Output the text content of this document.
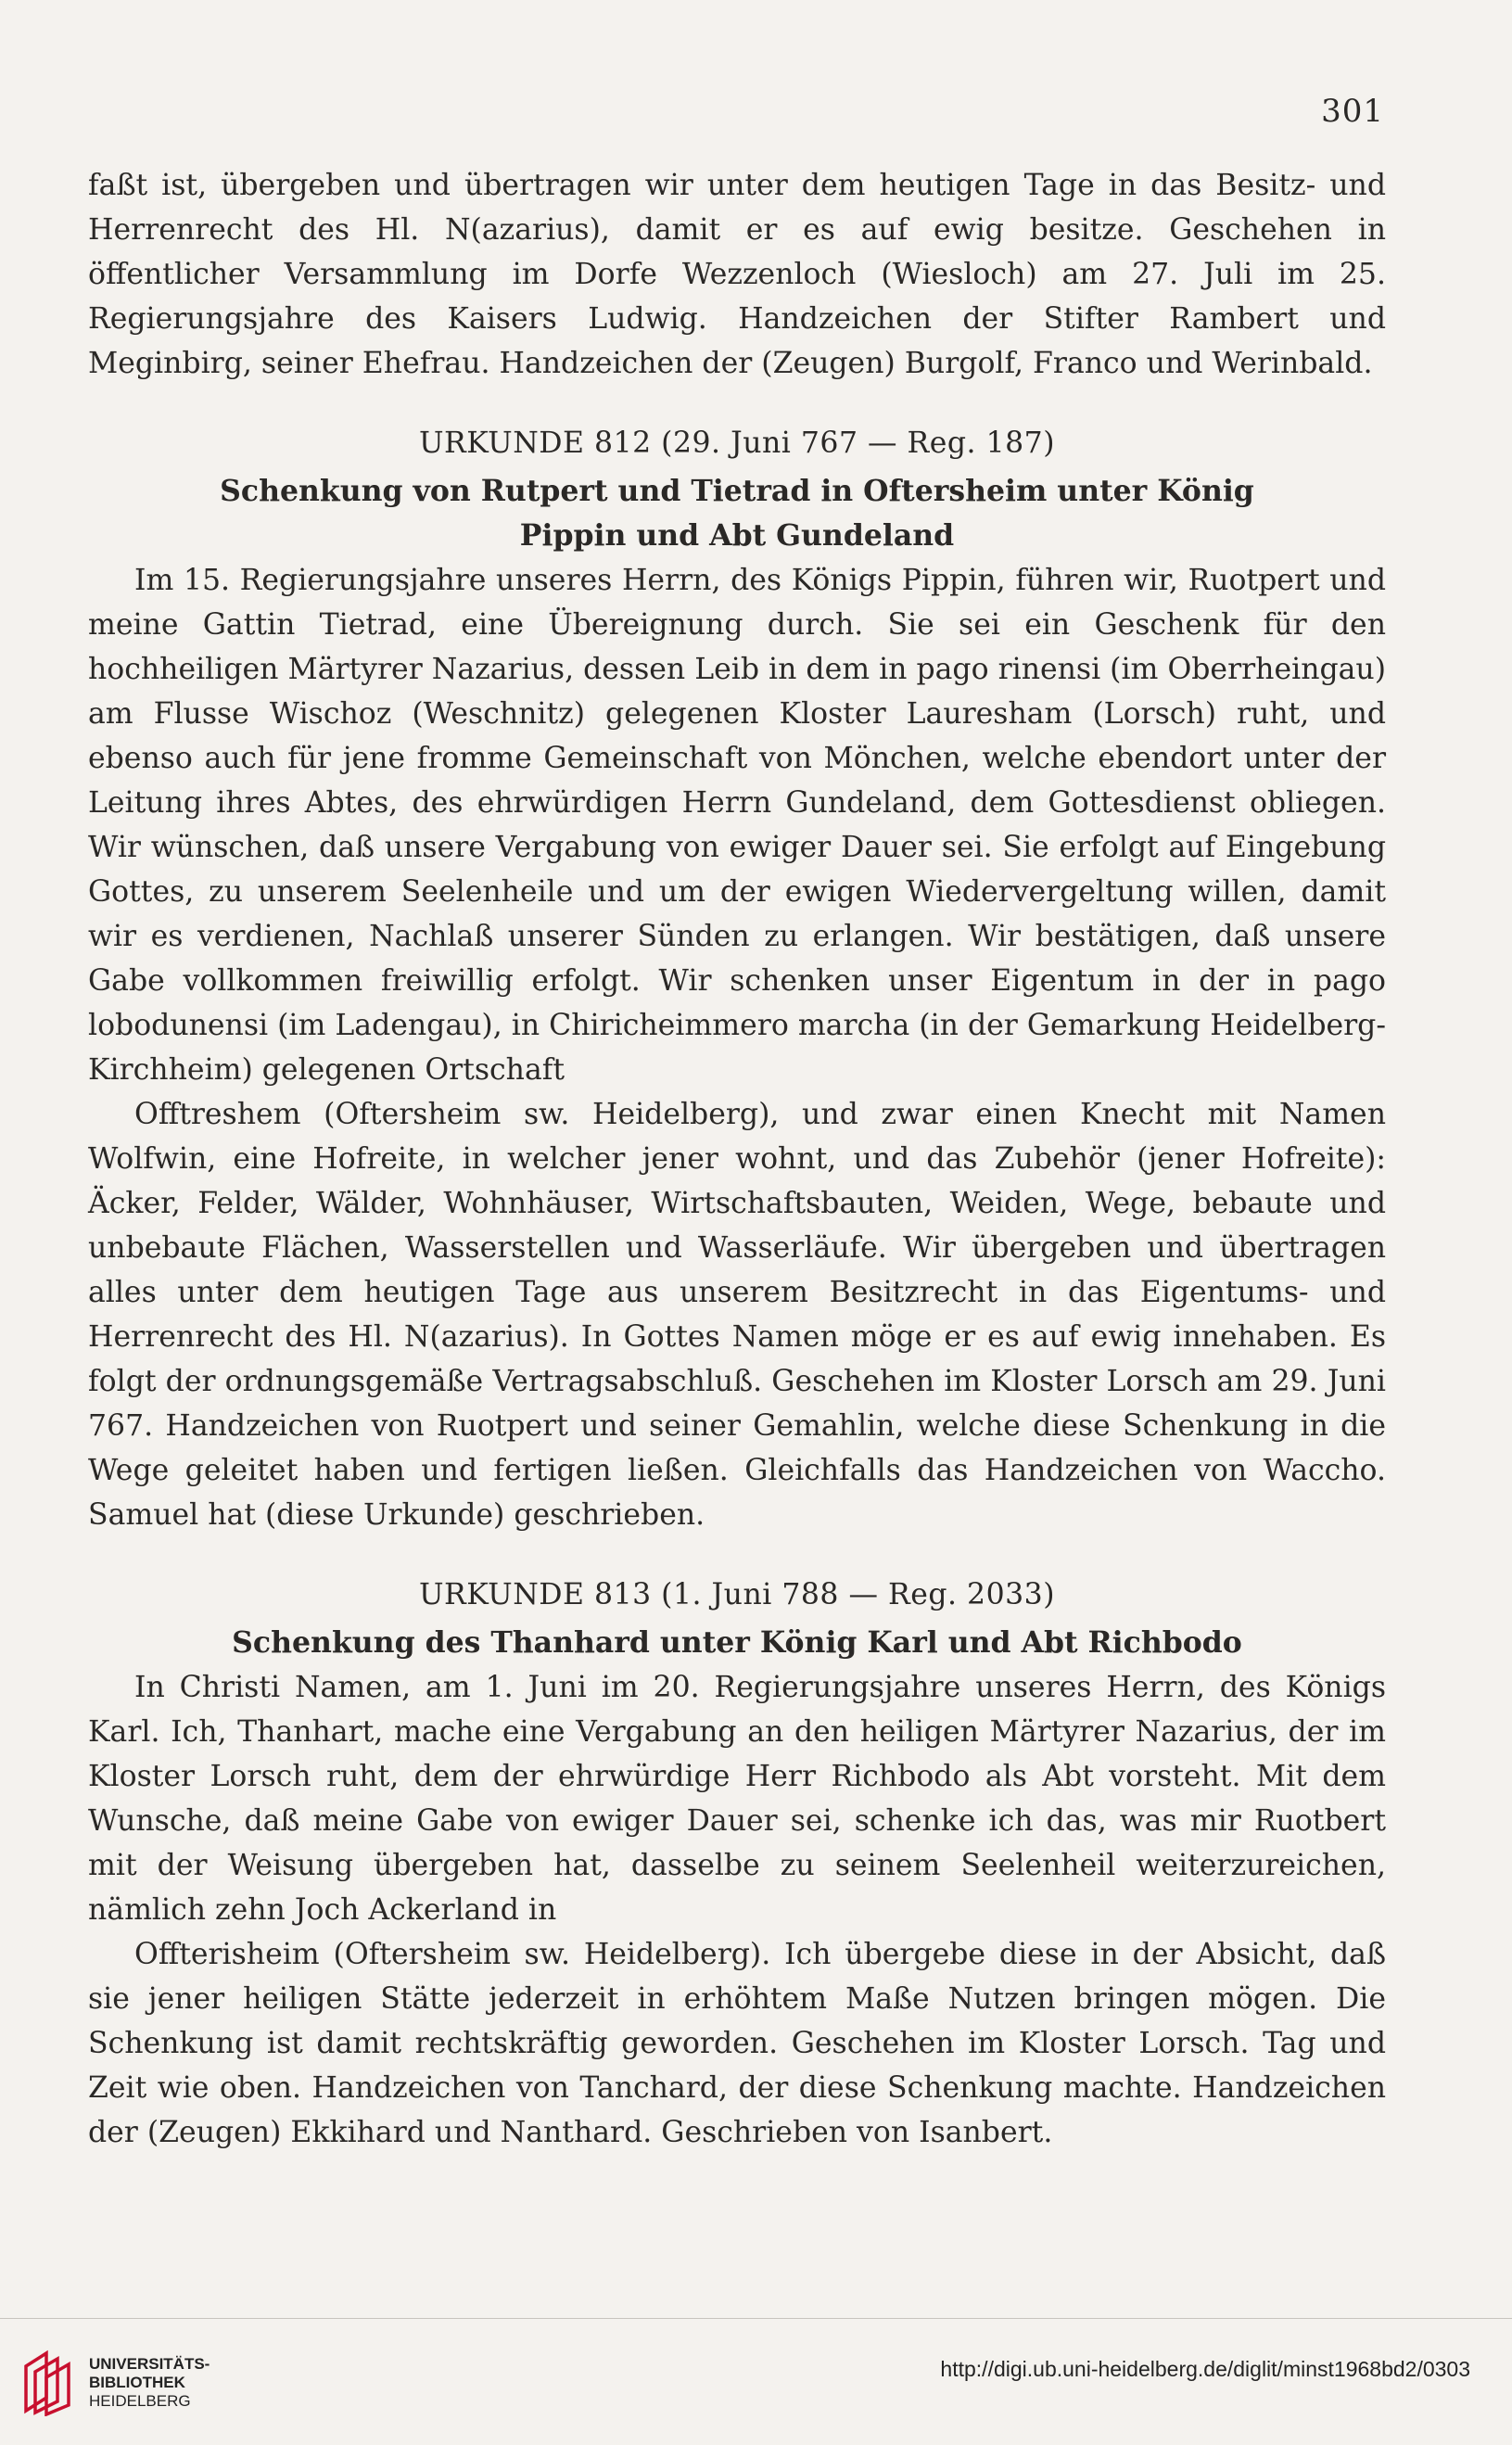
301

faßt ist, übergeben und übertragen wir unter dem heutigen Tage in das Besitz- und Herrenrecht des Hl. N(azarius), damit er es auf ewig besitze. Geschehen in öffentlicher Versammlung im Dorfe Wezzenloch (Wiesloch) am 27. Juli im 25. Regierungsjahre des Kaisers Ludwig. Handzeichen der Stifter Rambert und Meginbirg, seiner Ehefrau. Handzeichen der (Zeugen) Burgolf, Franco und Werinbald.

URKUNDE 812 (29. Juni 767 — Reg. 187)
Schenkung von Rutpert und Tietrad in Oftersheim unter König
Pippin und Abt Gundeland

Im 15. Regierungsjahre unseres Herrn, des Königs Pippin, führen wir, Ruotpert und meine Gattin Tietrad, eine Übereignung durch. Sie sei ein Geschenk für den hochheiligen Märtyrer Nazarius, dessen Leib in dem in pago rinensi (im Oberrheingau) am Flusse Wischoz (Weschnitz) gelegenen Kloster Lauresham (Lorsch) ruht, und ebenso auch für jene fromme Gemeinschaft von Mönchen, welche ebendort unter der Leitung ihres Abtes, des ehrwürdigen Herrn Gundeland, dem Gottesdienst obliegen. Wir wünschen, daß unsere Vergabung von ewiger Dauer sei. Sie erfolgt auf Eingebung Gottes, zu unserem Seelenheile und um der ewigen Wiedervergeltung willen, damit wir es verdienen, Nachlaß unserer Sünden zu erlangen. Wir bestätigen, daß unsere Gabe vollkommen freiwillig erfolgt. Wir schenken unser Eigentum in der in pago lobodunensi (im Ladengau), in Chiricheimmero marcha (in der Gemarkung Heidelberg-Kirchheim) gelegenen Ortschaft

Offtreshem (Oftersheim sw. Heidelberg), und zwar einen Knecht mit Namen Wolfwin, eine Hofreite, in welcher jener wohnt, und das Zubehör (jener Hofreite): Äcker, Felder, Wälder, Wohnhäuser, Wirtschaftsbauten, Weiden, Wege, bebaute und unbebaute Flächen, Wasserstellen und Wasserläufe. Wir übergeben und übertragen alles unter dem heutigen Tage aus unserem Besitzrecht in das Eigentums- und Herrenrecht des Hl. N(azarius). In Gottes Namen möge er es auf ewig innehaben. Es folgt der ordnungsgemäße Vertragsabschluß. Geschehen im Kloster Lorsch am 29. Juni 767. Handzeichen von Ruotpert und seiner Gemahlin, welche diese Schenkung in die Wege geleitet haben und fertigen ließen. Gleichfalls das Handzeichen von Waccho. Samuel hat (diese Urkunde) geschrieben.

URKUNDE 813 (1. Juni 788 — Reg. 2033)
Schenkung des Thanhard unter König Karl und Abt Richbodo

In Christi Namen, am 1. Juni im 20. Regierungsjahre unseres Herrn, des Königs Karl. Ich, Thanhart, mache eine Vergabung an den heiligen Märtyrer Nazarius, der im Kloster Lorsch ruht, dem der ehrwürdige Herr Richbodo als Abt vorsteht. Mit dem Wunsche, daß meine Gabe von ewiger Dauer sei, schenke ich das, was mir Ruotbert mit der Weisung übergeben hat, dasselbe zu seinem Seelenheil weiterzureichen, nämlich zehn Joch Ackerland in

Offterisheim (Oftersheim sw. Heidelberg). Ich übergebe diese in der Absicht, daß sie jener heiligen Stätte jederzeit in erhöhtem Maße Nutzen bringen mögen. Die Schenkung ist damit rechtskräftig geworden. Geschehen im Kloster Lorsch. Tag und Zeit wie oben. Handzeichen von Tanchard, der diese Schenkung machte. Handzeichen der (Zeugen) Ekkihard und Nanthard. Geschrieben von Isanbert.

UNIVERSITÄTS-
BIBLIOTHEK
HEIDELBERG
http://digi.ub.uni-heidelberg.de/diglit/minst1968bd2/0303
